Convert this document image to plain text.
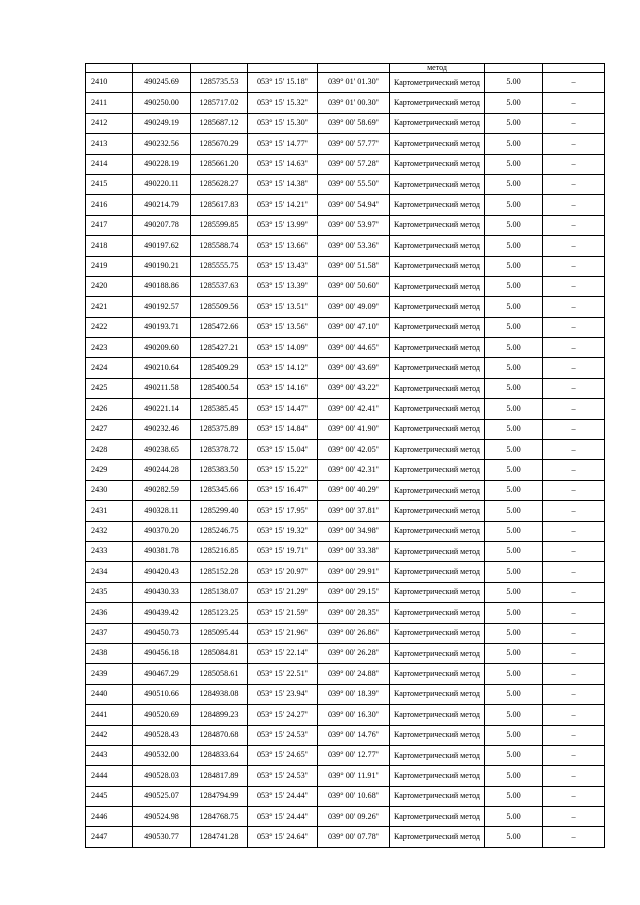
					метод		
2410	490245.69	1285735.53	053° 15' 15.18"	039° 01' 01.30"	Картометрический метод	5.00	–
2411	490250.00	1285717.02	053° 15' 15.32"	039° 01' 00.30"	Картометрический метод	5.00	–
2412	490249.19	1285687.12	053° 15' 15.30"	039° 00' 58.69"	Картометрический метод	5.00	–
2413	490232.56	1285670.29	053° 15' 14.77"	039° 00' 57.77"	Картометрический метод	5.00	–
2414	490228.19	1285661.20	053° 15' 14.63"	039° 00' 57.28"	Картометрический метод	5.00	–
2415	490220.11	1285628.27	053° 15' 14.38"	039° 00' 55.50"	Картометрический метод	5.00	–
2416	490214.79	1285617.83	053° 15' 14.21"	039° 00' 54.94"	Картометрический метод	5.00	–
2417	490207.78	1285599.85	053° 15' 13.99"	039° 00' 53.97"	Картометрический метод	5.00	–
2418	490197.62	1285588.74	053° 15' 13.66"	039° 00' 53.36"	Картометрический метод	5.00	–
2419	490190.21	1285555.75	053° 15' 13.43"	039° 00' 51.58"	Картометрический метод	5.00	–
2420	490188.86	1285537.63	053° 15' 13.39"	039° 00' 50.60"	Картометрический метод	5.00	–
2421	490192.57	1285509.56	053° 15' 13.51"	039° 00' 49.09"	Картометрический метод	5.00	–
2422	490193.71	1285472.66	053° 15' 13.56"	039° 00' 47.10"	Картометрический метод	5.00	–
2423	490209.60	1285427.21	053° 15' 14.09"	039° 00' 44.65"	Картометрический метод	5.00	–
2424	490210.64	1285409.29	053° 15' 14.12"	039° 00' 43.69"	Картометрический метод	5.00	–
2425	490211.58	1285400.54	053° 15' 14.16"	039° 00' 43.22"	Картометрический метод	5.00	–
2426	490221.14	1285385.45	053° 15' 14.47"	039° 00' 42.41"	Картометрический метод	5.00	–
2427	490232.46	1285375.89	053° 15' 14.84"	039° 00' 41.90"	Картометрический метод	5.00	–
2428	490238.65	1285378.72	053° 15' 15.04"	039° 00' 42.05"	Картометрический метод	5.00	–
2429	490244.28	1285383.50	053° 15' 15.22"	039° 00' 42.31"	Картометрический метод	5.00	–
2430	490282.59	1285345.66	053° 15' 16.47"	039° 00' 40.29"	Картометрический метод	5.00	–
2431	490328.11	1285299.40	053° 15' 17.95"	039° 00' 37.81"	Картометрический метод	5.00	–
2432	490370.20	1285246.75	053° 15' 19.32"	039° 00' 34.98"	Картометрический метод	5.00	–
2433	490381.78	1285216.85	053° 15' 19.71"	039° 00' 33.38"	Картометрический метод	5.00	–
2434	490420.43	1285152.28	053° 15' 20.97"	039° 00' 29.91"	Картометрический метод	5.00	–
2435	490430.33	1285138.07	053° 15' 21.29"	039° 00' 29.15"	Картометрический метод	5.00	–
2436	490439.42	1285123.25	053° 15' 21.59"	039° 00' 28.35"	Картометрический метод	5.00	–
2437	490450.73	1285095.44	053° 15' 21.96"	039° 00' 26.86"	Картометрический метод	5.00	–
2438	490456.18	1285084.81	053° 15' 22.14"	039° 00' 26.28"	Картометрический метод	5.00	–
2439	490467.29	1285058.61	053° 15' 22.51"	039° 00' 24.88"	Картометрический метод	5.00	–
2440	490510.66	1284938.08	053° 15' 23.94"	039° 00' 18.39"	Картометрический метод	5.00	–
2441	490520.69	1284899.23	053° 15' 24.27"	039° 00' 16.30"	Картометрический метод	5.00	–
2442	490528.43	1284870.68	053° 15' 24.53"	039° 00' 14.76"	Картометрический метод	5.00	–
2443	490532.00	1284833.64	053° 15' 24.65"	039° 00' 12.77"	Картометрический метод	5.00	–
2444	490528.03	1284817.89	053° 15' 24.53"	039° 00' 11.91"	Картометрический метод	5.00	–
2445	490525.07	1284794.99	053° 15' 24.44"	039° 00' 10.68"	Картометрический метод	5.00	–
2446	490524.98	1284768.75	053° 15' 24.44"	039° 00' 09.26"	Картометрический метод	5.00	–
2447	490530.77	1284741.28	053° 15' 24.64"	039° 00' 07.78"	Картометрический метод	5.00	–
